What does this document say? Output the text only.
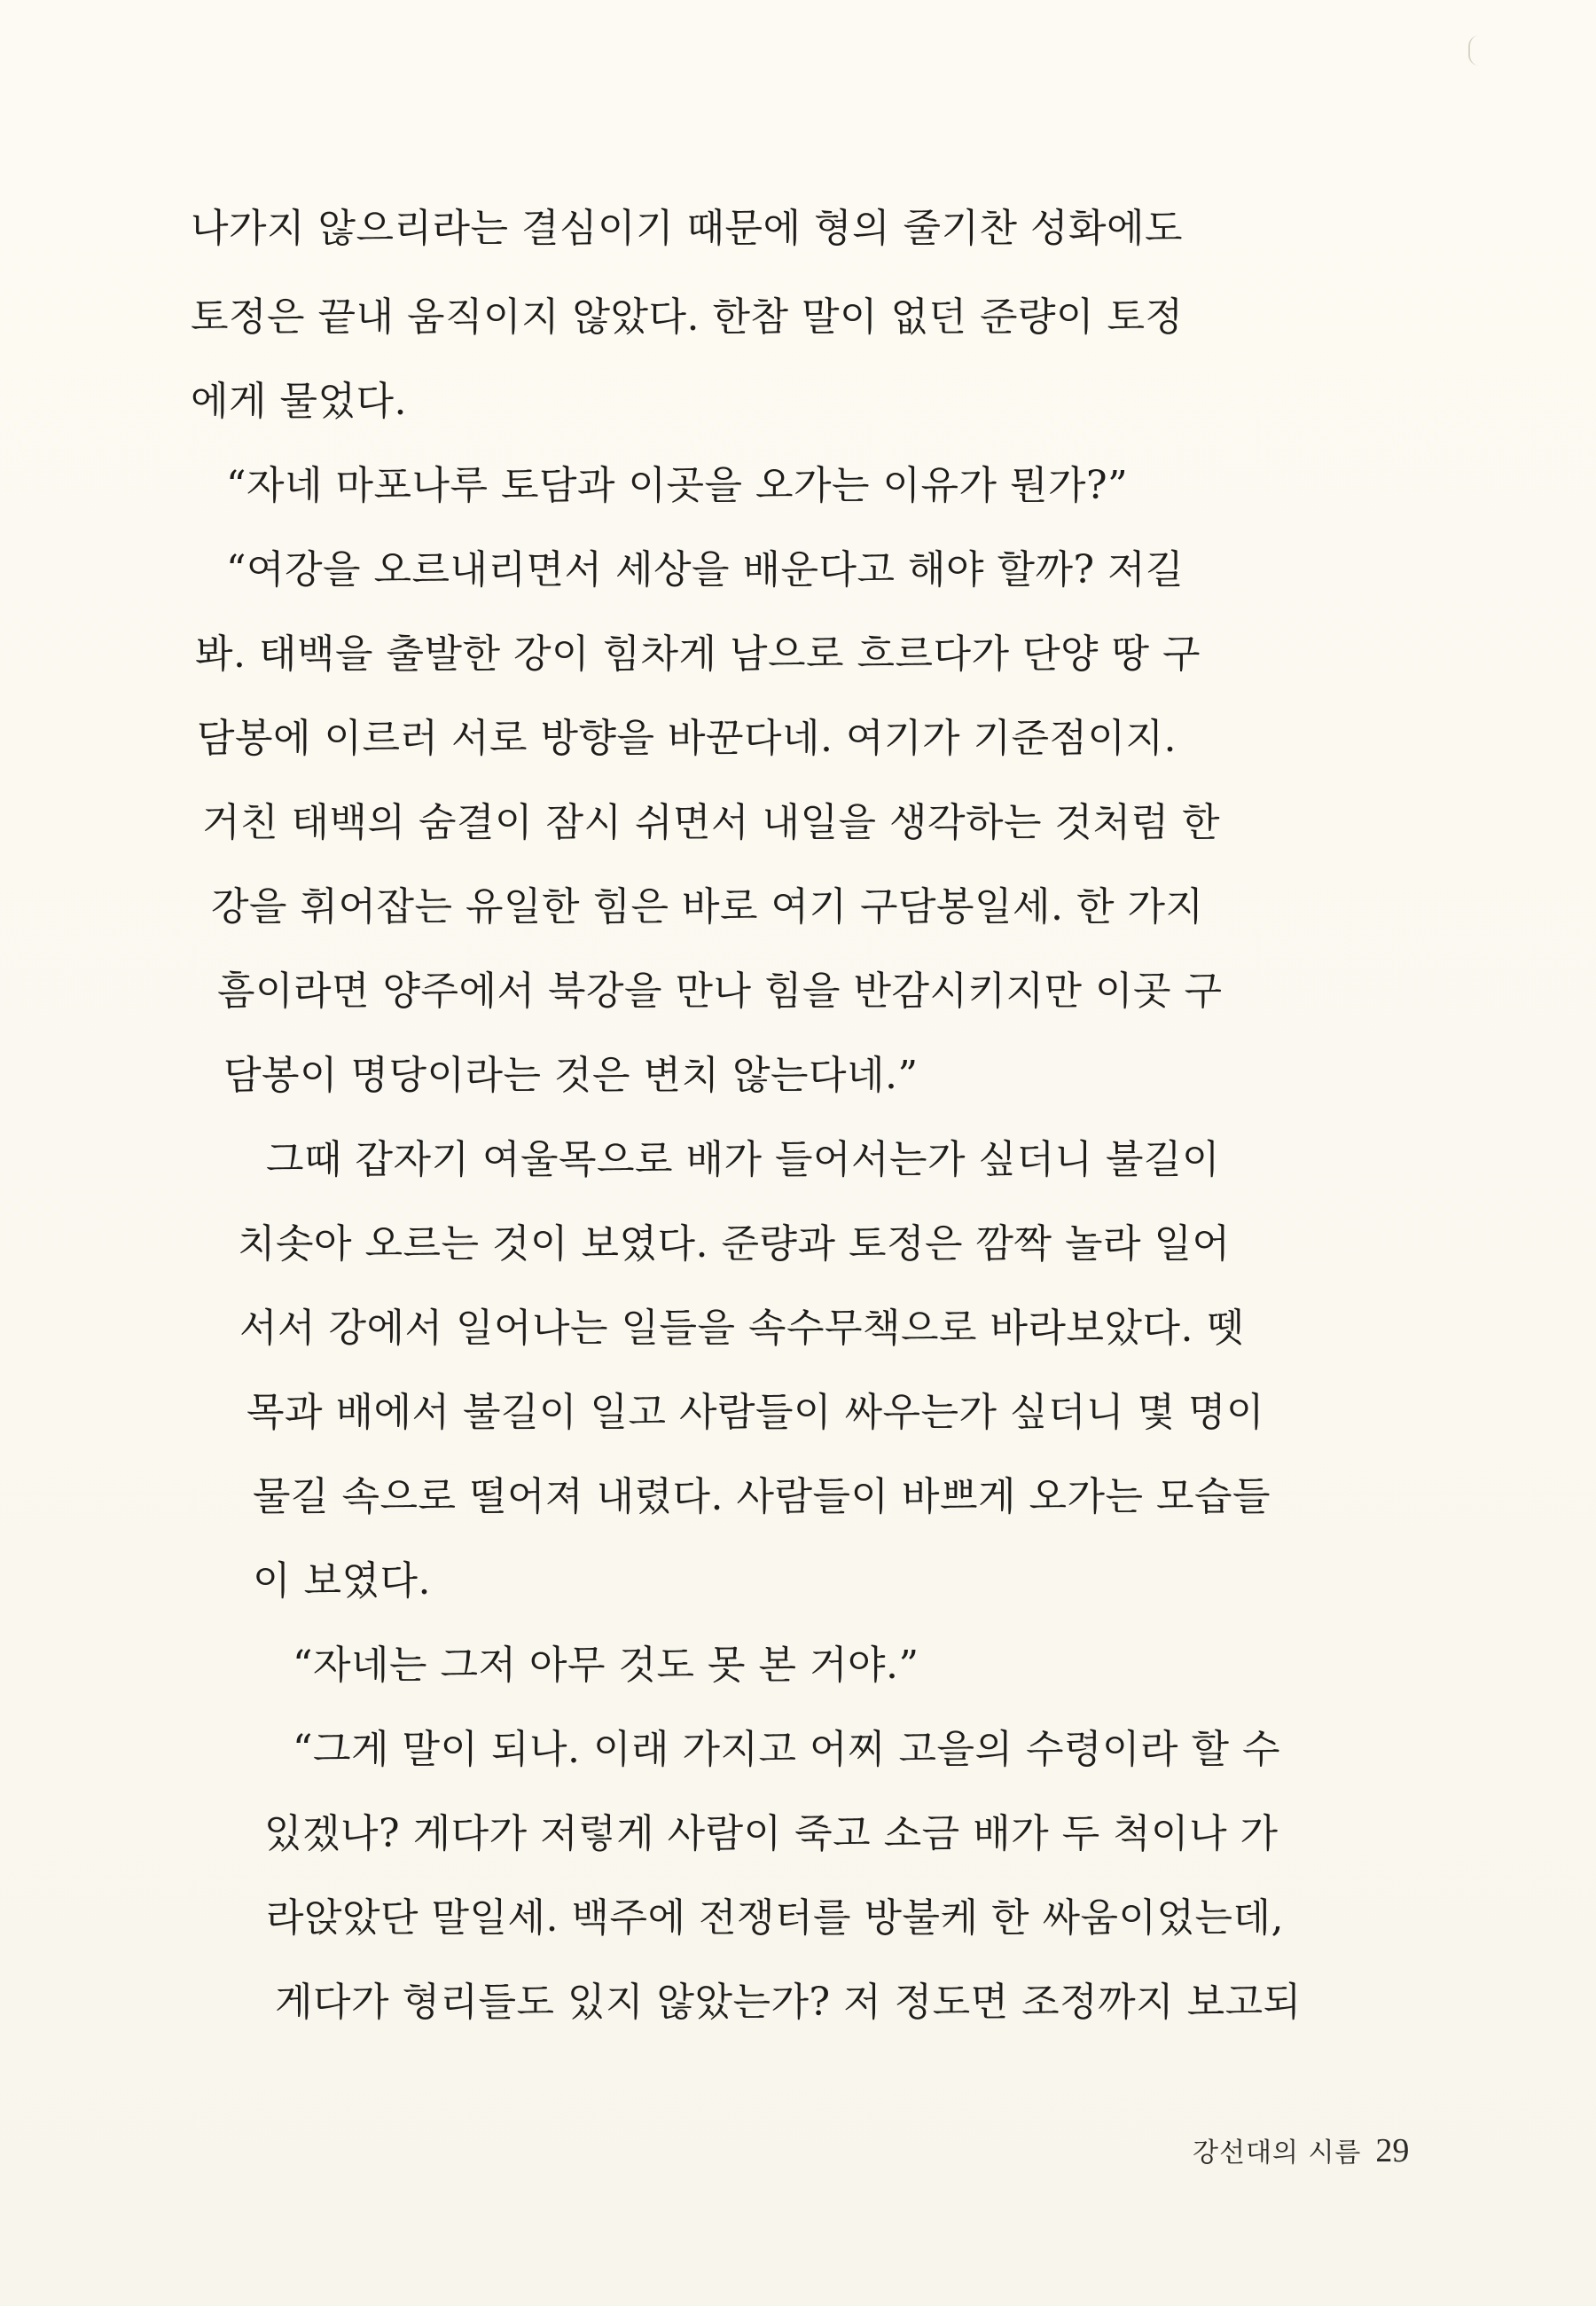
나가지 않으리라는 결심이기 때문에 형의 줄기찬 성화에도
토정은 끝내 움직이지 않았다. 한참 말이 없던 준량이 토정
에게 물었다.
“자네 마포나루 토담과 이곳을 오가는 이유가 뭔가?”
“여강을 오르내리면서 세상을 배운다고 해야 할까? 저길
봐. 태백을 출발한 강이 힘차게 남으로 흐르다가 단양 땅 구
담봉에 이르러 서로 방향을 바꾼다네. 여기가 기준점이지.
거친 태백의 숨결이 잠시 쉬면서 내일을 생각하는 것처럼 한
강을 휘어잡는 유일한 힘은 바로 여기 구담봉일세. 한 가지
흠이라면 양주에서 북강을 만나 힘을 반감시키지만 이곳 구
담봉이 명당이라는 것은 변치 않는다네.”
그때 갑자기 여울목으로 배가 들어서는가 싶더니 불길이
치솟아 오르는 것이 보였다. 준량과 토정은 깜짝 놀라 일어
서서 강에서 일어나는 일들을 속수무책으로 바라보았다. 뗏
목과 배에서 불길이 일고 사람들이 싸우는가 싶더니 몇 명이
물길 속으로 떨어져 내렸다. 사람들이 바쁘게 오가는 모습들
이 보였다.
“자네는 그저 아무 것도 못 본 거야.”
“그게 말이 되나. 이래 가지고 어찌 고을의 수령이라 할 수
있겠나? 게다가 저렇게 사람이 죽고 소금 배가 두 척이나 가
라앉았단 말일세. 백주에 전쟁터를 방불케 한 싸움이었는데,
게다가 형리들도 있지 않았는가? 저 정도면 조정까지 보고되
강선대의 시름 29
